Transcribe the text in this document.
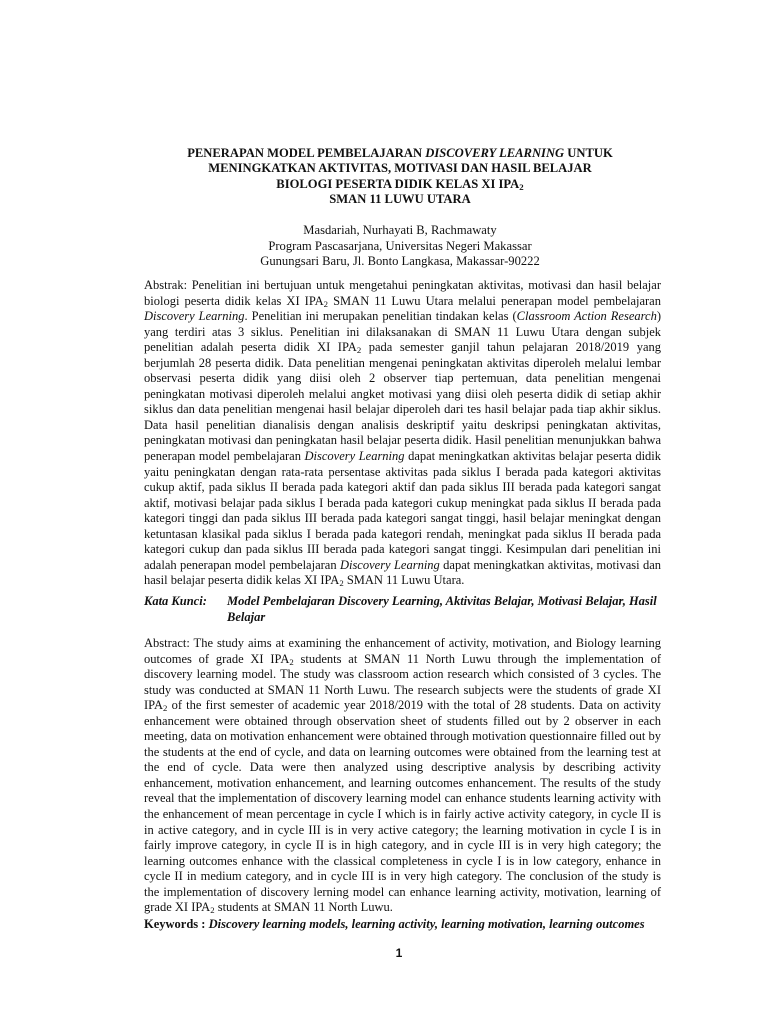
PENERAPAN MODEL PEMBELAJARAN DISCOVERY LEARNING UNTUK
MENINGKATKAN AKTIVITAS, MOTIVASI DAN HASIL BELAJAR
BIOLOGI PESERTA DIDIK KELAS XI $IPA_2$
SMAN 11 LUWU UTARA
Masdariah, Nurhayati B, Rachmawaty
Program Pascasarjana, Universitas Negeri Makassar
Gunungsari Baru, Jl. Bonto Langkasa, Makassar-90222

Abstrak: Penelitian ini bertujuan untuk mengetahui peningkatan aktivitas, motivasi dan hasil belajar biologi peserta didik kelas XI $IPA_2$ SMAN 11 Luwu Utara melalui penerapan model pembelajaran Discovery Learning. Penelitian ini merupakan penelitian tindakan kelas (Classroom Action Research) yang terdiri atas 3 siklus. Penelitian ini dilaksanakan di SMAN 11 Luwu Utara dengan subjek penelitian adalah peserta didik XI $IPA_2$ pada semester ganjil tahun pelajaran 2018/2019 yang berjumlah 28 peserta didik. Data penelitian mengenai peningkatan aktivitas diperoleh melalui lembar observasi peserta didik yang diisi oleh 2 observer tiap pertemuan, data penelitian mengenai peningkatan motivasi diperoleh melalui angket motivasi yang diisi oleh peserta didik di setiap akhir siklus dan data penelitian mengenai hasil belajar diperoleh dari tes hasil belajar pada tiap akhir siklus. Data hasil penelitian dianalisis dengan analisis deskriptif yaitu deskripsi peningkatan aktivitas, peningkatan motivasi dan peningkatan hasil belajar peserta didik. Hasil penelitian menunjukkan bahwa penerapan model pembelajaran Discovery Learning dapat meningkatkan aktivitas belajar peserta didik yaitu peningkatan dengan rata-rata persentase aktivitas pada siklus I berada pada kategori aktivitas cukup aktif, pada siklus II berada pada kategori aktif dan pada siklus III berada pada kategori sangat aktif, motivasi belajar pada siklus I berada pada kategori cukup meningkat pada siklus II berada pada kategori tinggi dan pada siklus III berada pada kategori sangat tinggi, hasil belajar meningkat dengan ketuntasan klasikal pada siklus I berada pada kategori rendah, meningkat pada siklus II berada pada kategori cukup dan pada siklus III berada pada kategori sangat tinggi. Kesimpulan dari penelitian ini adalah penerapan model pembelajaran Discovery Learning dapat meningkatkan aktivitas, motivasi dan hasil belajar peserta didik kelas XI $IPA_2$ SMAN 11 Luwu Utara.

Kata Kunci:	Model Pembelajaran Discovery Learning, Aktivitas Belajar, Motivasi Belajar, Hasil Belajar

Abstract: The study aims at examining the enhancement of activity, motivation, and Biology learning outcomes of grade XI $IPA_2$ students at SMAN 11 North Luwu through the implementation of discovery learning model. The study was classroom action research which consisted of 3 cycles. The study was conducted at SMAN 11 North Luwu. The research subjects were the students of grade XI $IPA_2$ of the first semester of academic year 2018/2019 with the total of 28 students. Data on activity enhancement were obtained through observation sheet of students filled out by 2 observer in each meeting, data on motivation enhancement were obtained through motivation questionnaire filled out by the students at the end of cycle, and data on learning outcomes were obtained from the learning test at the end of cycle. Data were then analyzed using descriptive analysis by describing activity enhancement, motivation enhancement, and learning outcomes enhancement. The results of the study reveal that the implementation of discovery learning model can enhance students learning activity with the enhancement of mean percentage in cycle I which is in fairly active activity category, in cycle II is in active category, and in cycle III is in very active category; the learning motivation in cycle I is in fairly improve category, in cycle II is in high category, and in cycle III is in very high category; the learning outcomes enhance with the classical completeness in cycle I is in low category, enhance in cycle II in medium category, and in cycle III is in very high category. The conclusion of the study is the implementation of discovery lerning model can enhance learning activity, motivation, learning of grade XI $IPA_2$ students at SMAN 11 North Luwu.

Keywords : Discovery learning models, learning activity, learning motivation, learning outcomes
1
